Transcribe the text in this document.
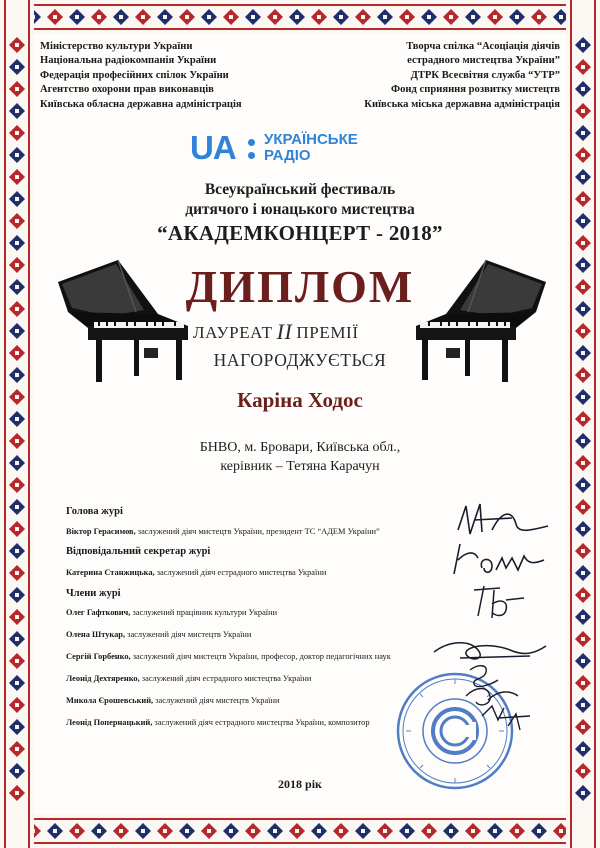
Міністерство культури України
Національна радіокомпанія України
Федерація професійних спілок України
Агентство охорони прав виконавців
Київська обласна державна адміністрація
Творча спілка “Асоціація діячів
естрадного мистецтва України”
ДТРК Всесвітня служба “УТР”
Фонд сприяння розвитку мистецтв
Київська міська державна адміністрація
UA УКРАЇНСЬКЕ
РАДІО
Всеукраїнський фестиваль
дитячого і юнацького мистецтва
“АКАДЕМКОНЦЕРТ - 2018”
ДИПЛОМ
ЛАУРЕАТ II ПРЕМІЇ
НАГОРОДЖУЄТЬСЯ
Каріна Ходос
БНВО, м. Бровари, Київська обл.,
керівник – Тетяна Карачун
Голова журі
Віктор Герасимов, заслужений діяч мистецтв України, президент ТС “АДЕМ України”
Відповідальний секретар журі
Катерина Станжицька, заслужений діяч естрадного мистецтва України
Члени журі
Олег Гафткович, заслужений працівник культури України
Олена Штукар, заслужений діяч мистецтв України
Сергій Горбенко, заслужений діяч мистецтв України, професор, доктор педагогічних наук
Леонід Дехтяренко, заслужений діяч естрадного мистецтва України
Микола Єрошевський, заслужений діяч мистецтв України
Леонід Попернацький, заслужений діяч естрадного мистецтва України, композитор
2018 рік
